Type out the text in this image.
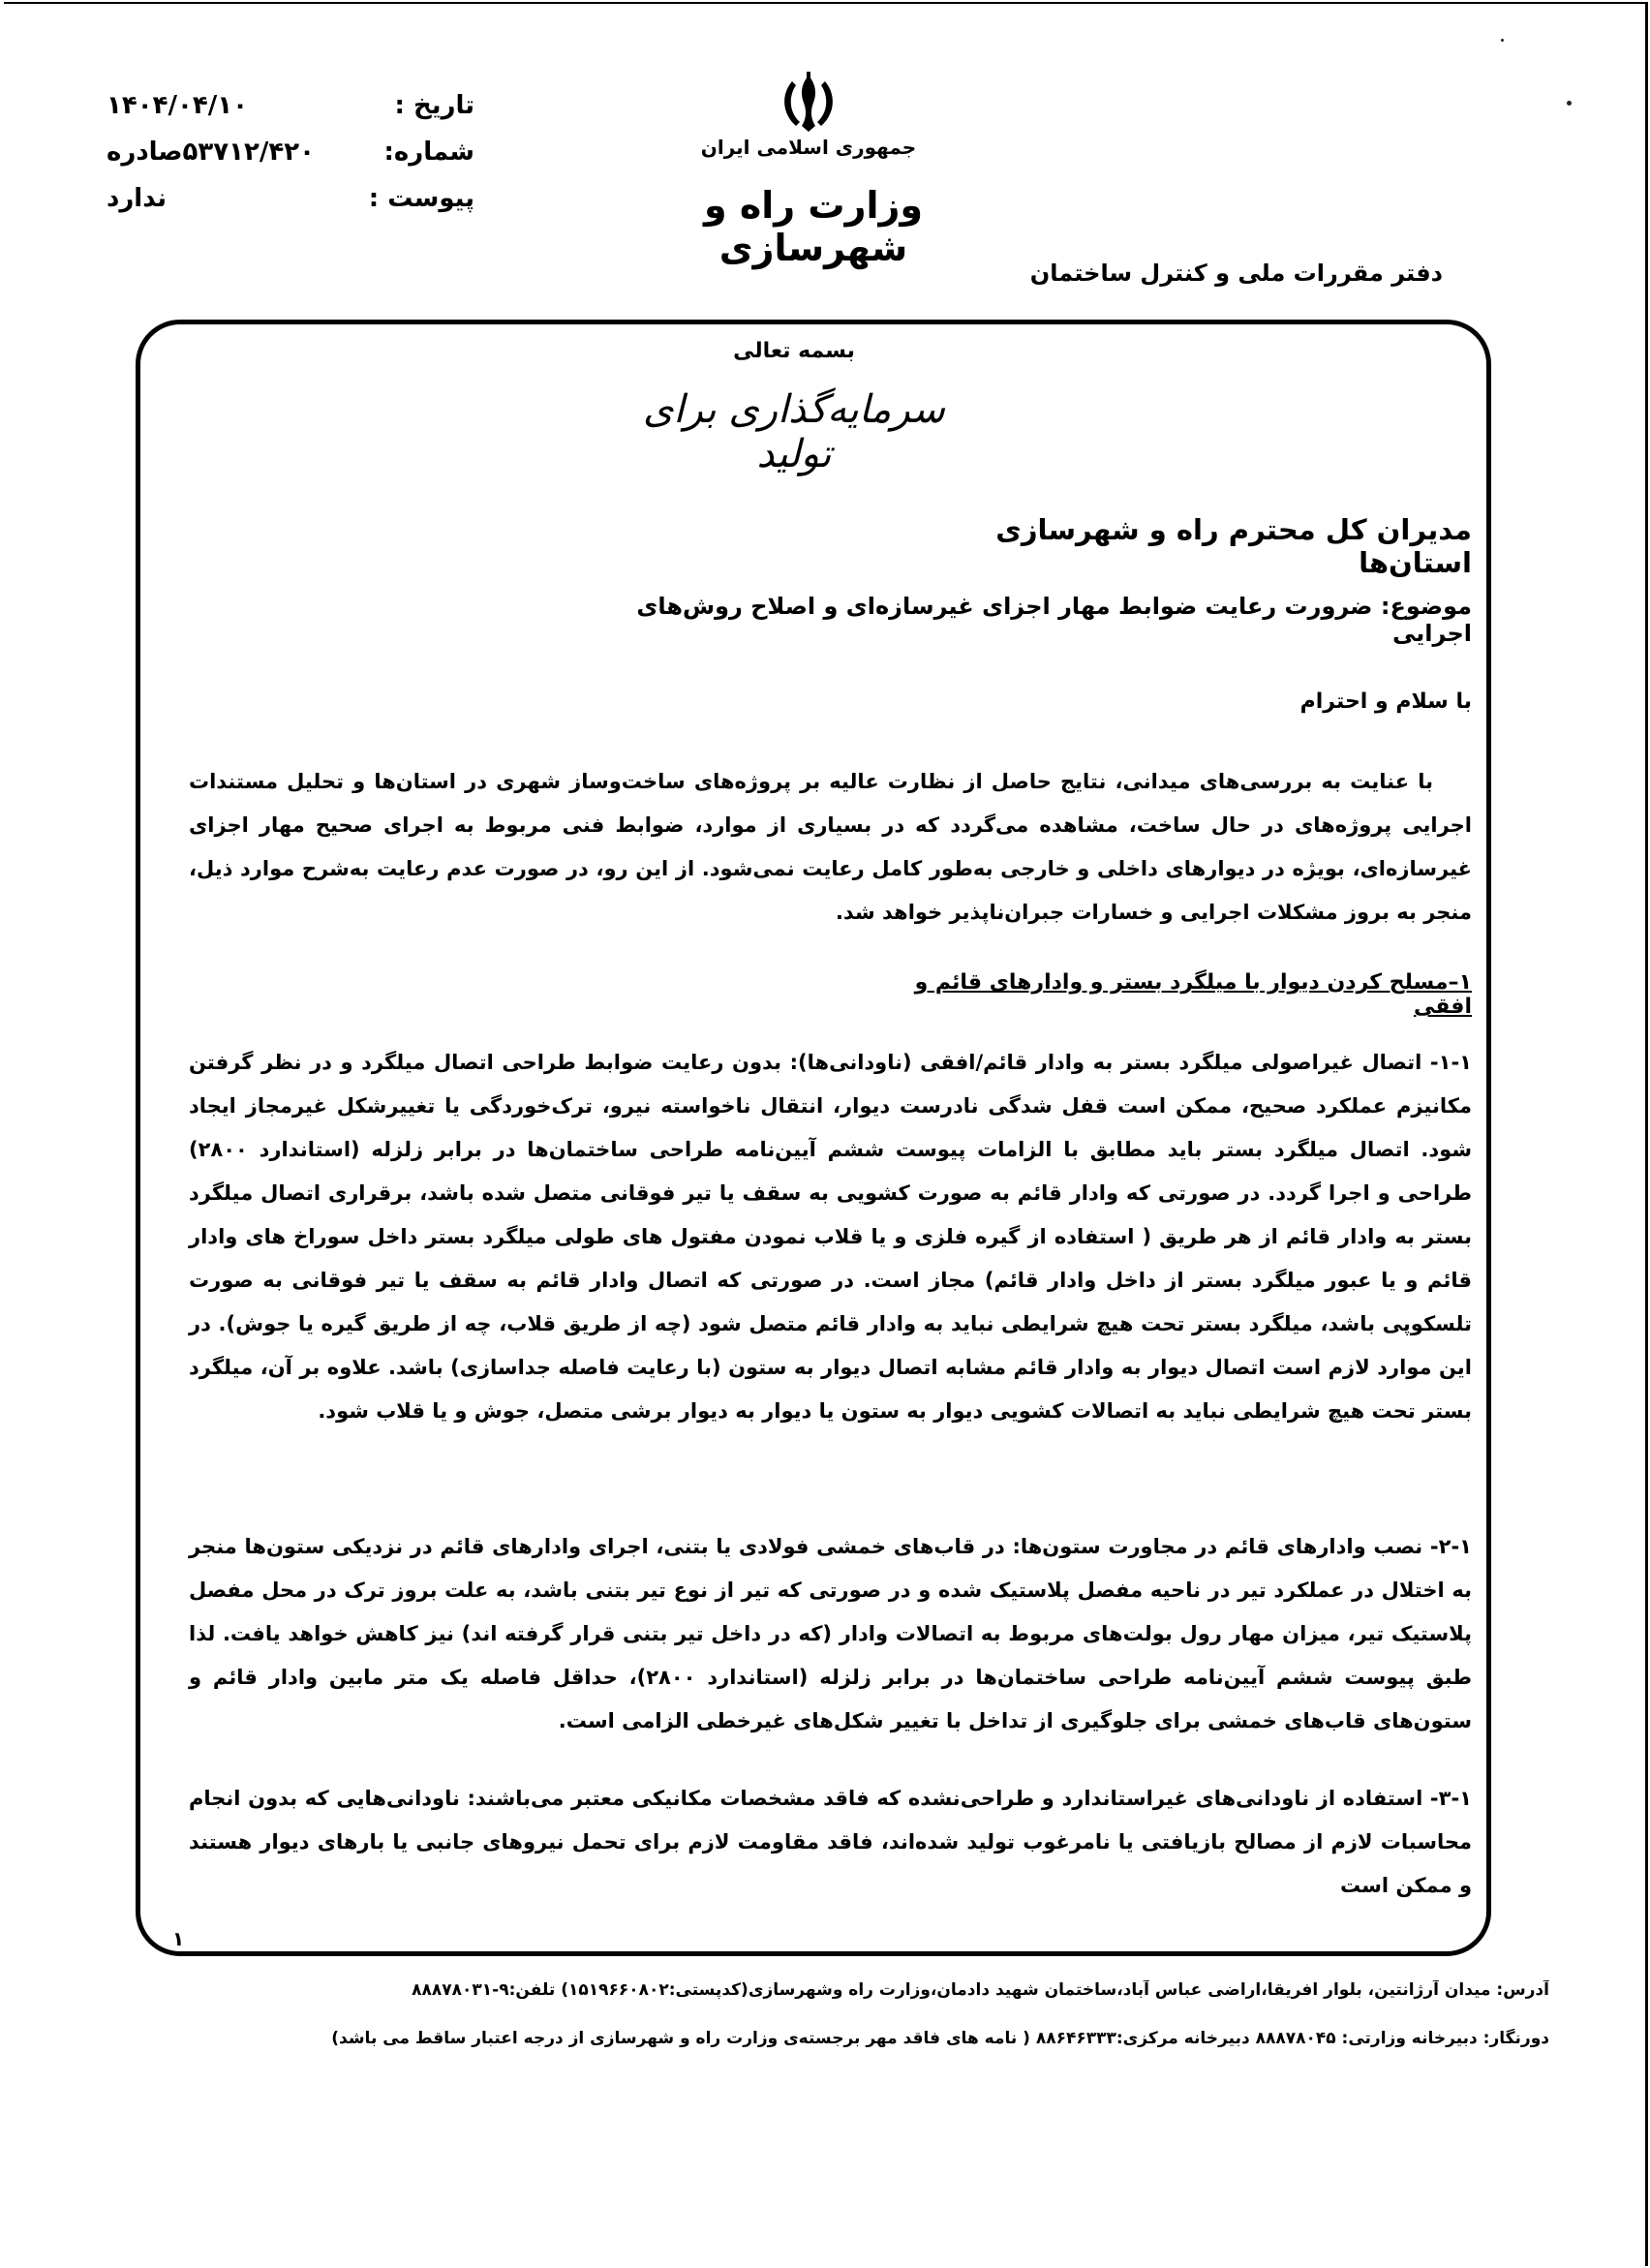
تاریخ :
۱۴۰۴/۰۴/۱۰
شماره:
۵۳۷۱۲/۴۲۰صادره
پیوست :
ندارد
جمهوری اسلامی ایران
وزارت راه و شهرسازی
دفتر مقررات ملی و کنترل ساختمان
بسمه تعالی
سرمایه‌گذاری برای تولید
مدیران کل محترم راه و شهرسازی استان‌ها
موضوع: ضرورت رعایت ضوابط مهار اجزای غیرسازه‌ای و اصلاح روش‌های اجرایی
با سلام و احترام
با عنایت به بررسی‌های میدانی، نتایج حاصل از نظارت عالیه بر پروژه‌های ساخت‌وساز شهری در استان‌ها و تحلیل مستندات اجرایی پروژه‌های در حال ساخت، مشاهده می‌گردد که در بسیاری از موارد، ضوابط فنی مربوط به اجرای صحیح مهار اجزای غیرسازه‌ای، بویژه در دیوارهای داخلی و خارجی به‌طور کامل رعایت نمی‌شود. از این رو، در صورت عدم رعایت به‌شرح موارد ذیل، منجر به بروز مشکلات اجرایی و خسارات جبران‌ناپذیر خواهد شد.
۱–مسلح کردن دیوار با میلگرد بستر و وادارهای قائم و افقی
۱-۱- اتصال غیراصولی میلگرد بستر به وادار قائم/افقی (ناودانی‌ها): بدون رعایت ضوابط طراحی اتصال میلگرد و در نظر گرفتن مکانیزم عملکرد صحیح، ممکن است قفل شدگی نادرست دیوار، انتقال ناخواسته نیرو، ترک‌خوردگی یا تغییرشکل غیرمجاز ایجاد شود. اتصال میلگرد بستر باید مطابق با الزامات پیوست ششم آیین‌نامه طراحی ساختمان‌ها در برابر زلزله (استاندارد ۲۸۰۰) طراحی و اجرا گردد. در صورتی که وادار قائم به صورت کشویی به سقف یا تیر فوقانی متصل شده باشد، برقراری اتصال میلگرد بستر به وادار قائم از هر طریق ( استفاده از گیره فلزی و یا قلاب نمودن مفتول های طولی میلگرد بستر داخل سوراخ های وادار قائم و یا عبور میلگرد بستر از داخل وادار قائم) مجاز است. در صورتی که اتصال وادار قائم به سقف یا تیر فوقانی به صورت تلسکوپی باشد، میلگرد بستر تحت هیچ شرایطی نباید به وادار قائم متصل شود (چه از طریق قلاب، چه از طریق گیره یا جوش). در این موارد لازم است اتصال دیوار به وادار قائم مشابه اتصال دیوار به ستون (با رعایت فاصله جداسازی) باشد. علاوه بر آن، میلگرد بستر تحت هیچ شرایطی نباید به اتصالات کشویی دیوار به ستون یا دیوار به دیوار برشی متصل، جوش و یا قلاب شود.
۲-۱- نصب وادارهای قائم در مجاورت ستون‌ها: در قاب‌های خمشی فولادی یا بتنی، اجرای وادارهای قائم در نزدیکی ستون‌ها منجر به اختلال در عملکرد تیر در ناحیه مفصل پلاستیک شده و در صورتی که تیر از نوع تیر بتنی باشد، به علت بروز ترک در محل مفصل پلاستیک تیر، میزان مهار رول بولت‌های مربوط به اتصالات وادار (که در داخل تیر بتنی قرار گرفته اند) نیز کاهش خواهد یافت. لذا طبق پیوست ششم آیین‌نامه طراحی ساختمان‌ها در برابر زلزله (استاندارد ۲۸۰۰)، حداقل فاصله یک متر مابین وادار قائم و ستون‌های قاب‌های خمشی برای جلوگیری از تداخل با تغییر شکل‌های غیرخطی الزامی است.
۳-۱- استفاده از ناودانی‌های غیراستاندارد و طراحی‌نشده که فاقد مشخصات مکانیکی معتبر می‌باشند: ناودانی‌هایی که بدون انجام محاسبات لازم از مصالح بازیافتی یا نامرغوب تولید شده‌اند، فاقد مقاومت لازم برای تحمل نیروهای جانبی یا بارهای دیوار هستند و ممکن است
۱
آدرس: میدان آرژانتین، بلوار افریقا،اراضی عباس آباد،ساختمان شهید دادمان،وزارت راه وشهرسازی(کدپستی:۱۵۱۹۶۶۰۸۰۲) تلفن:۹-۸۸۸۷۸۰۳۱
دورنگار: دبیرخانه وزارتی: ۸۸۸۷۸۰۴۵ دبیرخانه مرکزی:۸۸۶۴۶۳۳۳ ( نامه های فاقد مهر برجسته‌ی وزارت راه و شهرسازی از درجه اعتبار ساقط می باشد)
